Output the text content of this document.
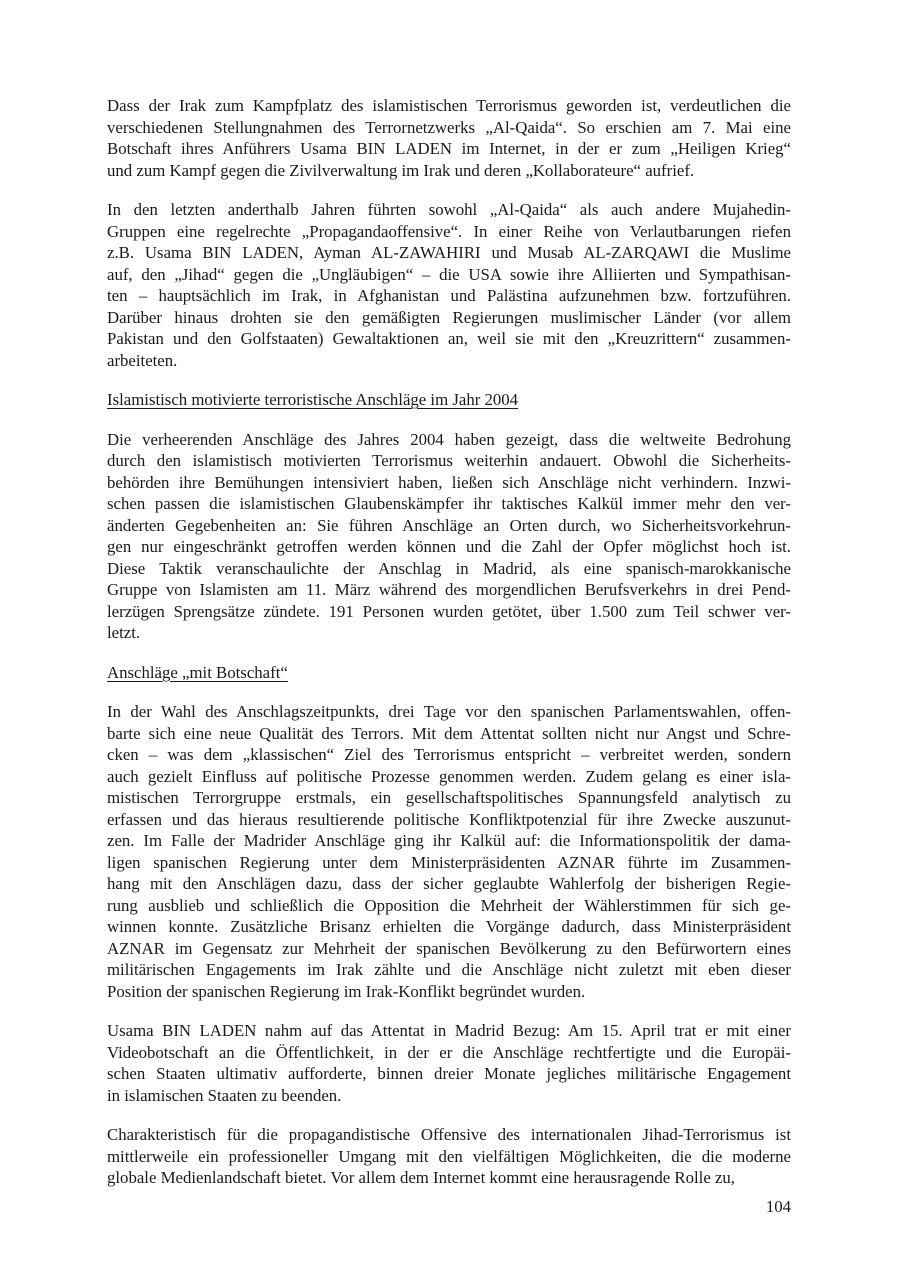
Dass der Irak zum Kampfplatz des islamistischen Terrorismus geworden ist, verdeutlichen die
verschiedenen Stellungnahmen des Terrornetzwerks „Al-Qaida“. So erschien am 7. Mai eine
Botschaft ihres Anführers Usama BIN LADEN im Internet, in der er zum „Heiligen Krieg“
und zum Kampf gegen die Zivilverwaltung im Irak und deren „Kollaborateure“ aufrief.
In den letzten anderthalb Jahren führten sowohl „Al-Qaida“ als auch andere Mujahedin-
Gruppen eine regelrechte „Propagandaoffensive“. In einer Reihe von Verlautbarungen riefen
z.B. Usama BIN LADEN, Ayman AL-ZAWAHIRI und Musab AL-ZARQAWI die Muslime
auf, den „Jihad“ gegen die „Ungläubigen“ – die USA sowie ihre Alliierten und Sympathisan-
ten – hauptsächlich im Irak, in Afghanistan und Palästina aufzunehmen bzw. fortzuführen.
Darüber hinaus drohten sie den gemäßigten Regierungen muslimischer Länder (vor allem
Pakistan und den Golfstaaten) Gewaltaktionen an, weil sie mit den „Kreuzrittern“ zusammen-
arbeiteten.
Islamistisch motivierte terroristische Anschläge im Jahr 2004
Die verheerenden Anschläge des Jahres 2004 haben gezeigt, dass die weltweite Bedrohung
durch den islamistisch motivierten Terrorismus weiterhin andauert. Obwohl die Sicherheits-
behörden ihre Bemühungen intensiviert haben, ließen sich Anschläge nicht verhindern. Inzwi-
schen passen die islamistischen Glaubenskämpfer ihr taktisches Kalkül immer mehr den ver-
änderten Gegebenheiten an: Sie führen Anschläge an Orten durch, wo Sicherheitsvorkehrun-
gen nur eingeschränkt getroffen werden können und die Zahl der Opfer möglichst hoch ist.
Diese Taktik veranschaulichte der Anschlag in Madrid, als eine spanisch-marokkanische
Gruppe von Islamisten am 11. März während des morgendlichen Berufsverkehrs in drei Pend-
lerzügen Sprengsätze zündete. 191 Personen wurden getötet, über 1.500 zum Teil schwer ver-
letzt.
Anschläge „mit Botschaft“
In der Wahl des Anschlagszeitpunkts, drei Tage vor den spanischen Parlamentswahlen, offen-
barte sich eine neue Qualität des Terrors. Mit dem Attentat sollten nicht nur Angst und Schre-
cken – was dem „klassischen“ Ziel des Terrorismus entspricht – verbreitet werden, sondern
auch gezielt Einfluss auf politische Prozesse genommen werden. Zudem gelang es einer isla-
mistischen Terrorgruppe erstmals, ein gesellschaftspolitisches Spannungsfeld analytisch zu
erfassen und das hieraus resultierende politische Konfliktpotenzial für ihre Zwecke auszunut-
zen. Im Falle der Madrider Anschläge ging ihr Kalkül auf: die Informationspolitik der dama-
ligen spanischen Regierung unter dem Ministerpräsidenten AZNAR führte im Zusammen-
hang mit den Anschlägen dazu, dass der sicher geglaubte Wahlerfolg der bisherigen Regie-
rung ausblieb und schließlich die Opposition die Mehrheit der Wählerstimmen für sich ge-
winnen konnte. Zusätzliche Brisanz erhielten die Vorgänge dadurch, dass Ministerpräsident
AZNAR im Gegensatz zur Mehrheit der spanischen Bevölkerung zu den Befürwortern eines
militärischen Engagements im Irak zählte und die Anschläge nicht zuletzt mit eben dieser
Position der spanischen Regierung im Irak-Konflikt begründet wurden.
Usama BIN LADEN nahm auf das Attentat in Madrid Bezug: Am 15. April trat er mit einer
Videobotschaft an die Öffentlichkeit, in der er die Anschläge rechtfertigte und die Europäi-
schen Staaten ultimativ aufforderte, binnen dreier Monate jegliches militärische Engagement
in islamischen Staaten zu beenden.
Charakteristisch für die propagandistische Offensive des internationalen Jihad-Terrorismus ist
mittlerweile ein professioneller Umgang mit den vielfältigen Möglichkeiten, die die moderne
globale Medienlandschaft bietet. Vor allem dem Internet kommt eine herausragende Rolle zu,
104
